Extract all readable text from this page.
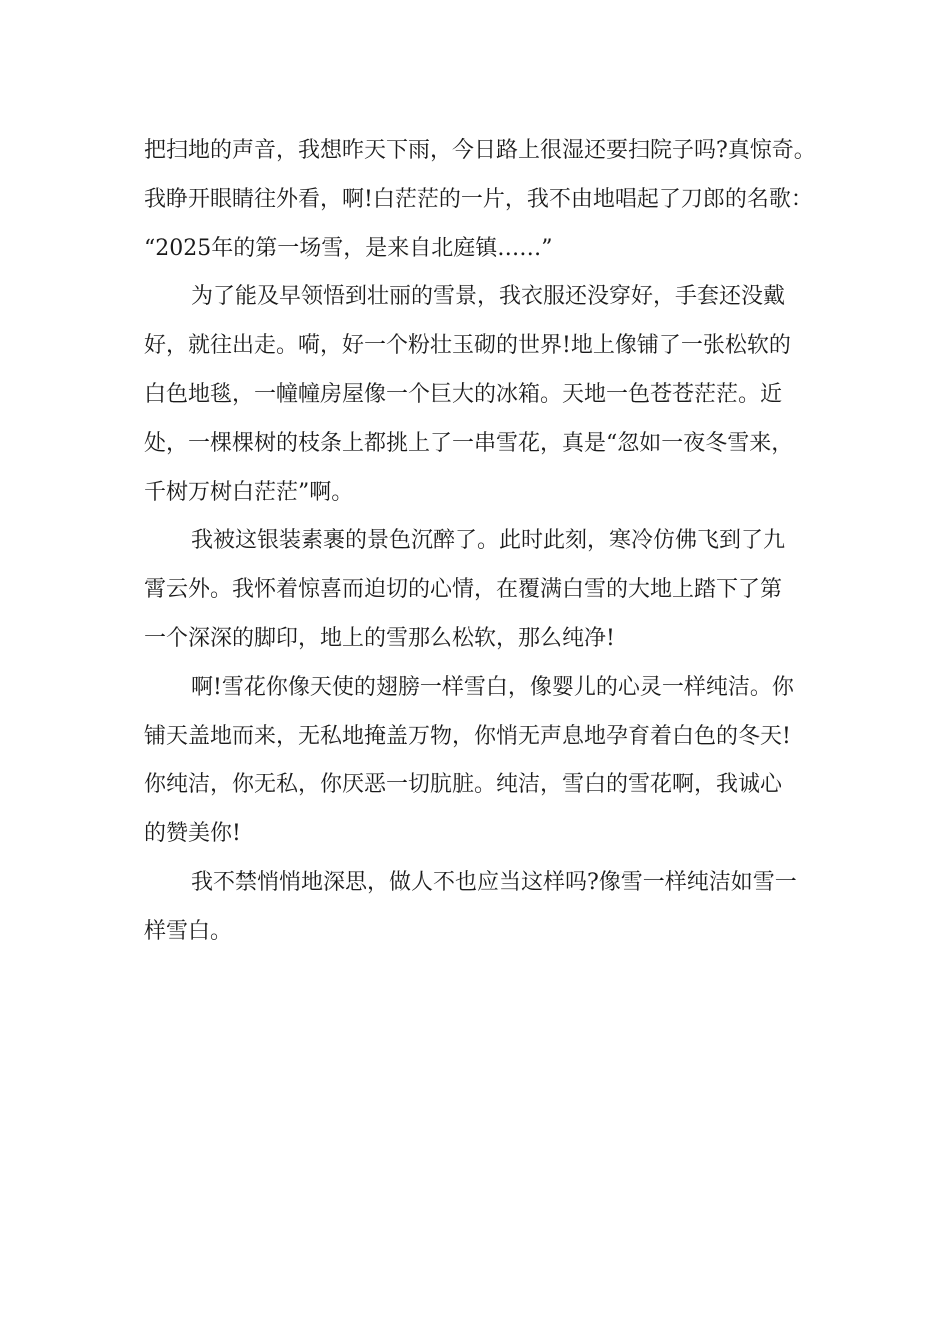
把扫地的声音，我想昨天下雨，今日路上很湿还要扫院子吗?真惊奇。
我睁开眼睛往外看，啊!白茫茫的一片，我不由地唱起了刀郎的名歌：
“2025年的第一场雪，是来自北庭镇……”
为了能及早领悟到壮丽的雪景，我衣服还没穿好，手套还没戴
好，就往出走。嗬，好一个粉壮玉砌的世界!地上像铺了一张松软的
白色地毯，一幢幢房屋像一个巨大的冰箱。天地一色苍苍茫茫。近
处，一棵棵树的枝条上都挑上了一串雪花，真是“忽如一夜冬雪来，
千树万树白茫茫”啊。
我被这银装素裹的景色沉醉了。此时此刻，寒冷仿佛飞到了九
霄云外。我怀着惊喜而迫切的心情，在覆满白雪的大地上踏下了第
一个深深的脚印，地上的雪那么松软，那么纯净!
啊!雪花你像天使的翅膀一样雪白，像婴儿的心灵一样纯洁。你
铺天盖地而来，无私地掩盖万物，你悄无声息地孕育着白色的冬天!
你纯洁，你无私，你厌恶一切肮脏。纯洁，雪白的雪花啊，我诚心
的赞美你!
我不禁悄悄地深思，做人不也应当这样吗?像雪一样纯洁如雪一
样雪白。
